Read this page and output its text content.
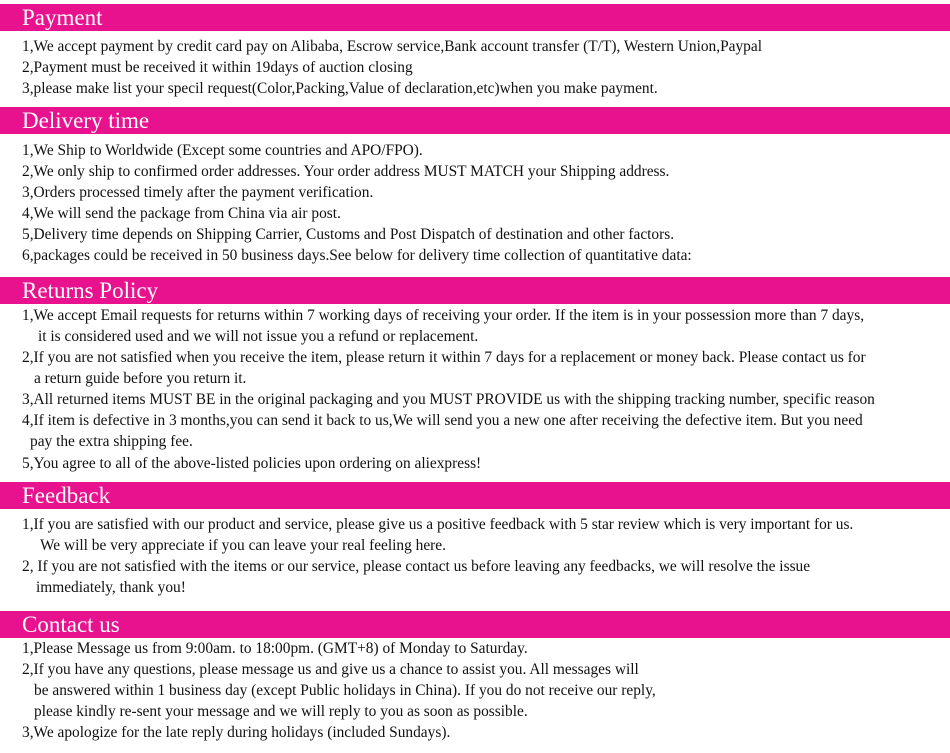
Payment
1,We accept payment by credit card pay on Alibaba, Escrow service,Bank account transfer (T/T), Western Union,Paypal
2,Payment must be received it within 19days of auction closing
3,please make list your specil request(Color,Packing,Value of declaration,etc)when you make payment.
Delivery time
1,We Ship to Worldwide (Except some countries and APO/FPO).
2,We only ship to confirmed order addresses. Your order address MUST MATCH your Shipping address.
3,Orders processed timely after the payment verification.
4,We will send the package from China via air post.
5,Delivery time depends on Shipping Carrier, Customs and Post Dispatch of destination and other factors.
6,packages could be received in 50 business days.See below for delivery time collection of quantitative data:
Returns Policy
1,We accept Email requests for returns within 7 working days of receiving your order. If the item is in your possession more than 7 days,
it is considered used and we will not issue you a refund or replacement.
2,If you are not satisfied when you receive the item, please return it within 7 days for a replacement or money back. Please contact us for
a return guide before you return it.
3,All returned items MUST BE in the original packaging and you MUST PROVIDE us with the shipping tracking number, specific reason
4,If item is defective in 3 months,you can send it back to us,We will send you a new one after receiving the defective item. But you need
pay the extra shipping fee.
5,You agree to all of the above-listed policies upon ordering on aliexpress!
Feedback
1,If you are satisfied with our product and service, please give us a positive feedback with 5 star review which is very important for us.
We will be very appreciate if you can leave your real feeling here.
2, If you are not satisfied with the items or our service, please contact us before leaving any feedbacks, we will resolve the issue
immediately, thank you!
Contact us
1,Please Message us from 9:00am. to 18:00pm. (GMT+8) of Monday to Saturday.
2,If you have any questions, please message us and give us a chance to assist you. All messages will
be answered within 1 business day (except Public holidays in China). If you do not receive our reply,
please kindly re-sent your message and we will reply to you as soon as possible.
3,We apologize for the late reply during holidays (included Sundays).
